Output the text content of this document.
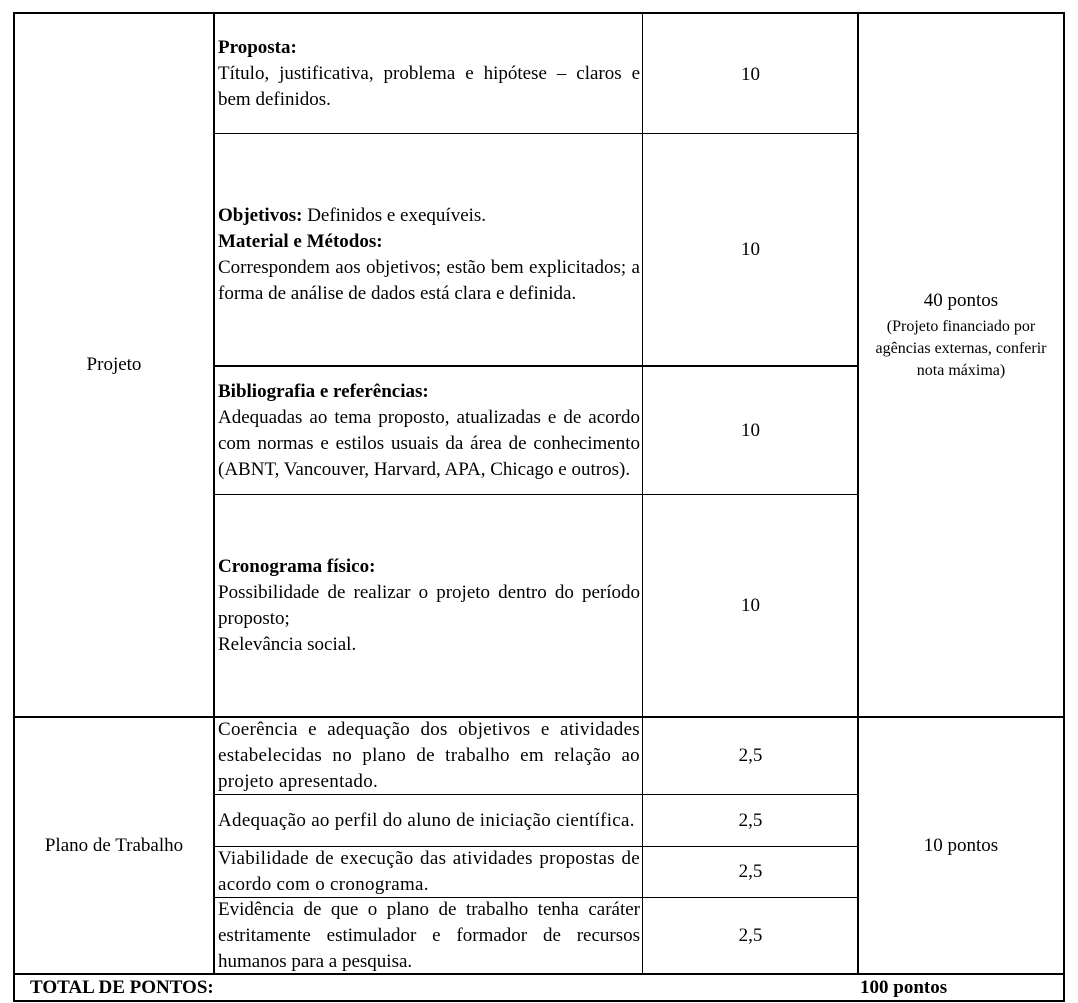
Projeto
Proposta:
Título, justificativa, problema e hipótese – claros e bem definidos.
10
Objetivos: Definidos e exequíveis.
Material e Métodos:
Correspondem aos objetivos; estão bem explicitados; a forma de análise de dados está clara e definida.
10
Bibliografia e referências:
Adequadas ao tema proposto, atualizadas e de acordo com normas e estilos usuais da área de conhecimento (ABNT, Vancouver, Harvard, APA, Chicago e outros).
10
Cronograma físico:
Possibilidade de realizar o projeto dentro do período proposto;
Relevância social.
10
40 pontos
(Projeto financiado por agências externas, conferir nota máxima)
Plano de Trabalho
Coerência e adequação dos objetivos e atividades estabelecidas no plano de trabalho em relação ao projeto apresentado.
2,5
Adequação ao perfil do aluno de iniciação científica.	2,5
Viabilidade de execução das atividades propostas de acordo com o cronograma.
2,5
Evidência de que o plano de trabalho tenha caráter estritamente estimulador e formador de recursos humanos para a pesquisa.
2,5
10 pontos
TOTAL DE PONTOS:	100 pontos
